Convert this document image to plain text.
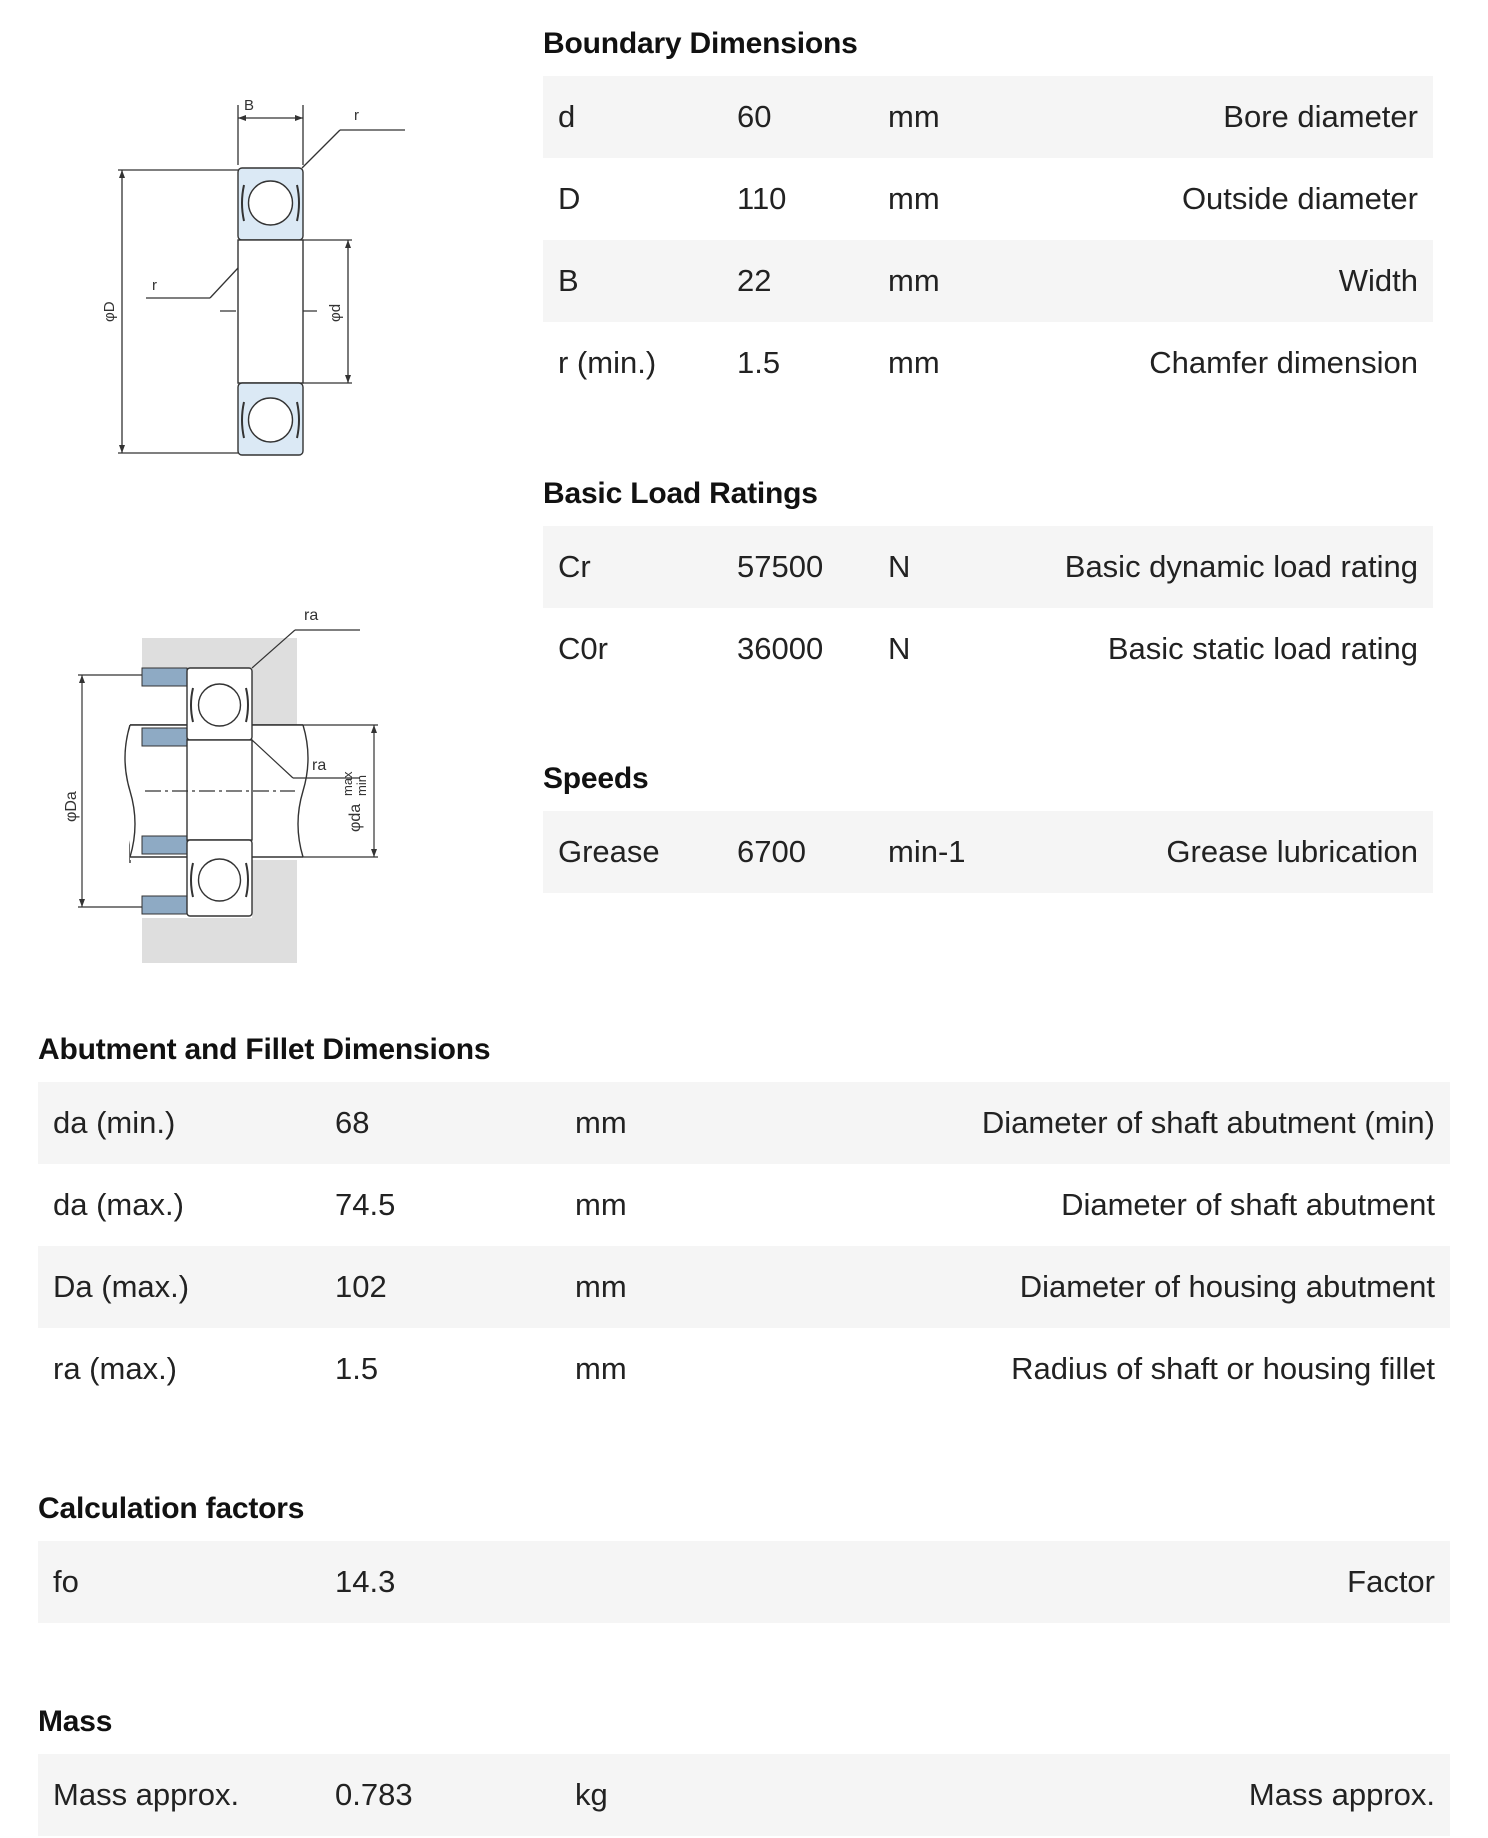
B
r
r
φD	φd
ra
ra
φDa	φda
max min
Boundary Dimensions
d	60	mm	Bore diameter
D	110	mm	Outside diameter
B	22	mm	Width
r (min.)	1.5	mm	Chamfer dimension
Basic Load Ratings
Cr	57500 N	Basic dynamic load rating
C0r	36000 N	Basic static load rating
Speeds
Grease 6700	min-1	Grease lubrication
Abutment and Fillet Dimensions
da (min.)	68	mm	Diameter of shaft abutment (min)
da (max.)	74.5	mm	Diameter of shaft abutment
Da (max.)	102	mm	Diameter of housing abutment
ra (max.)	1.5	mm	Radius of shaft or housing fillet
Calculation factors
fo	14.3	Factor
Mass
Mass approx.	0.783	kg	Mass approx.
